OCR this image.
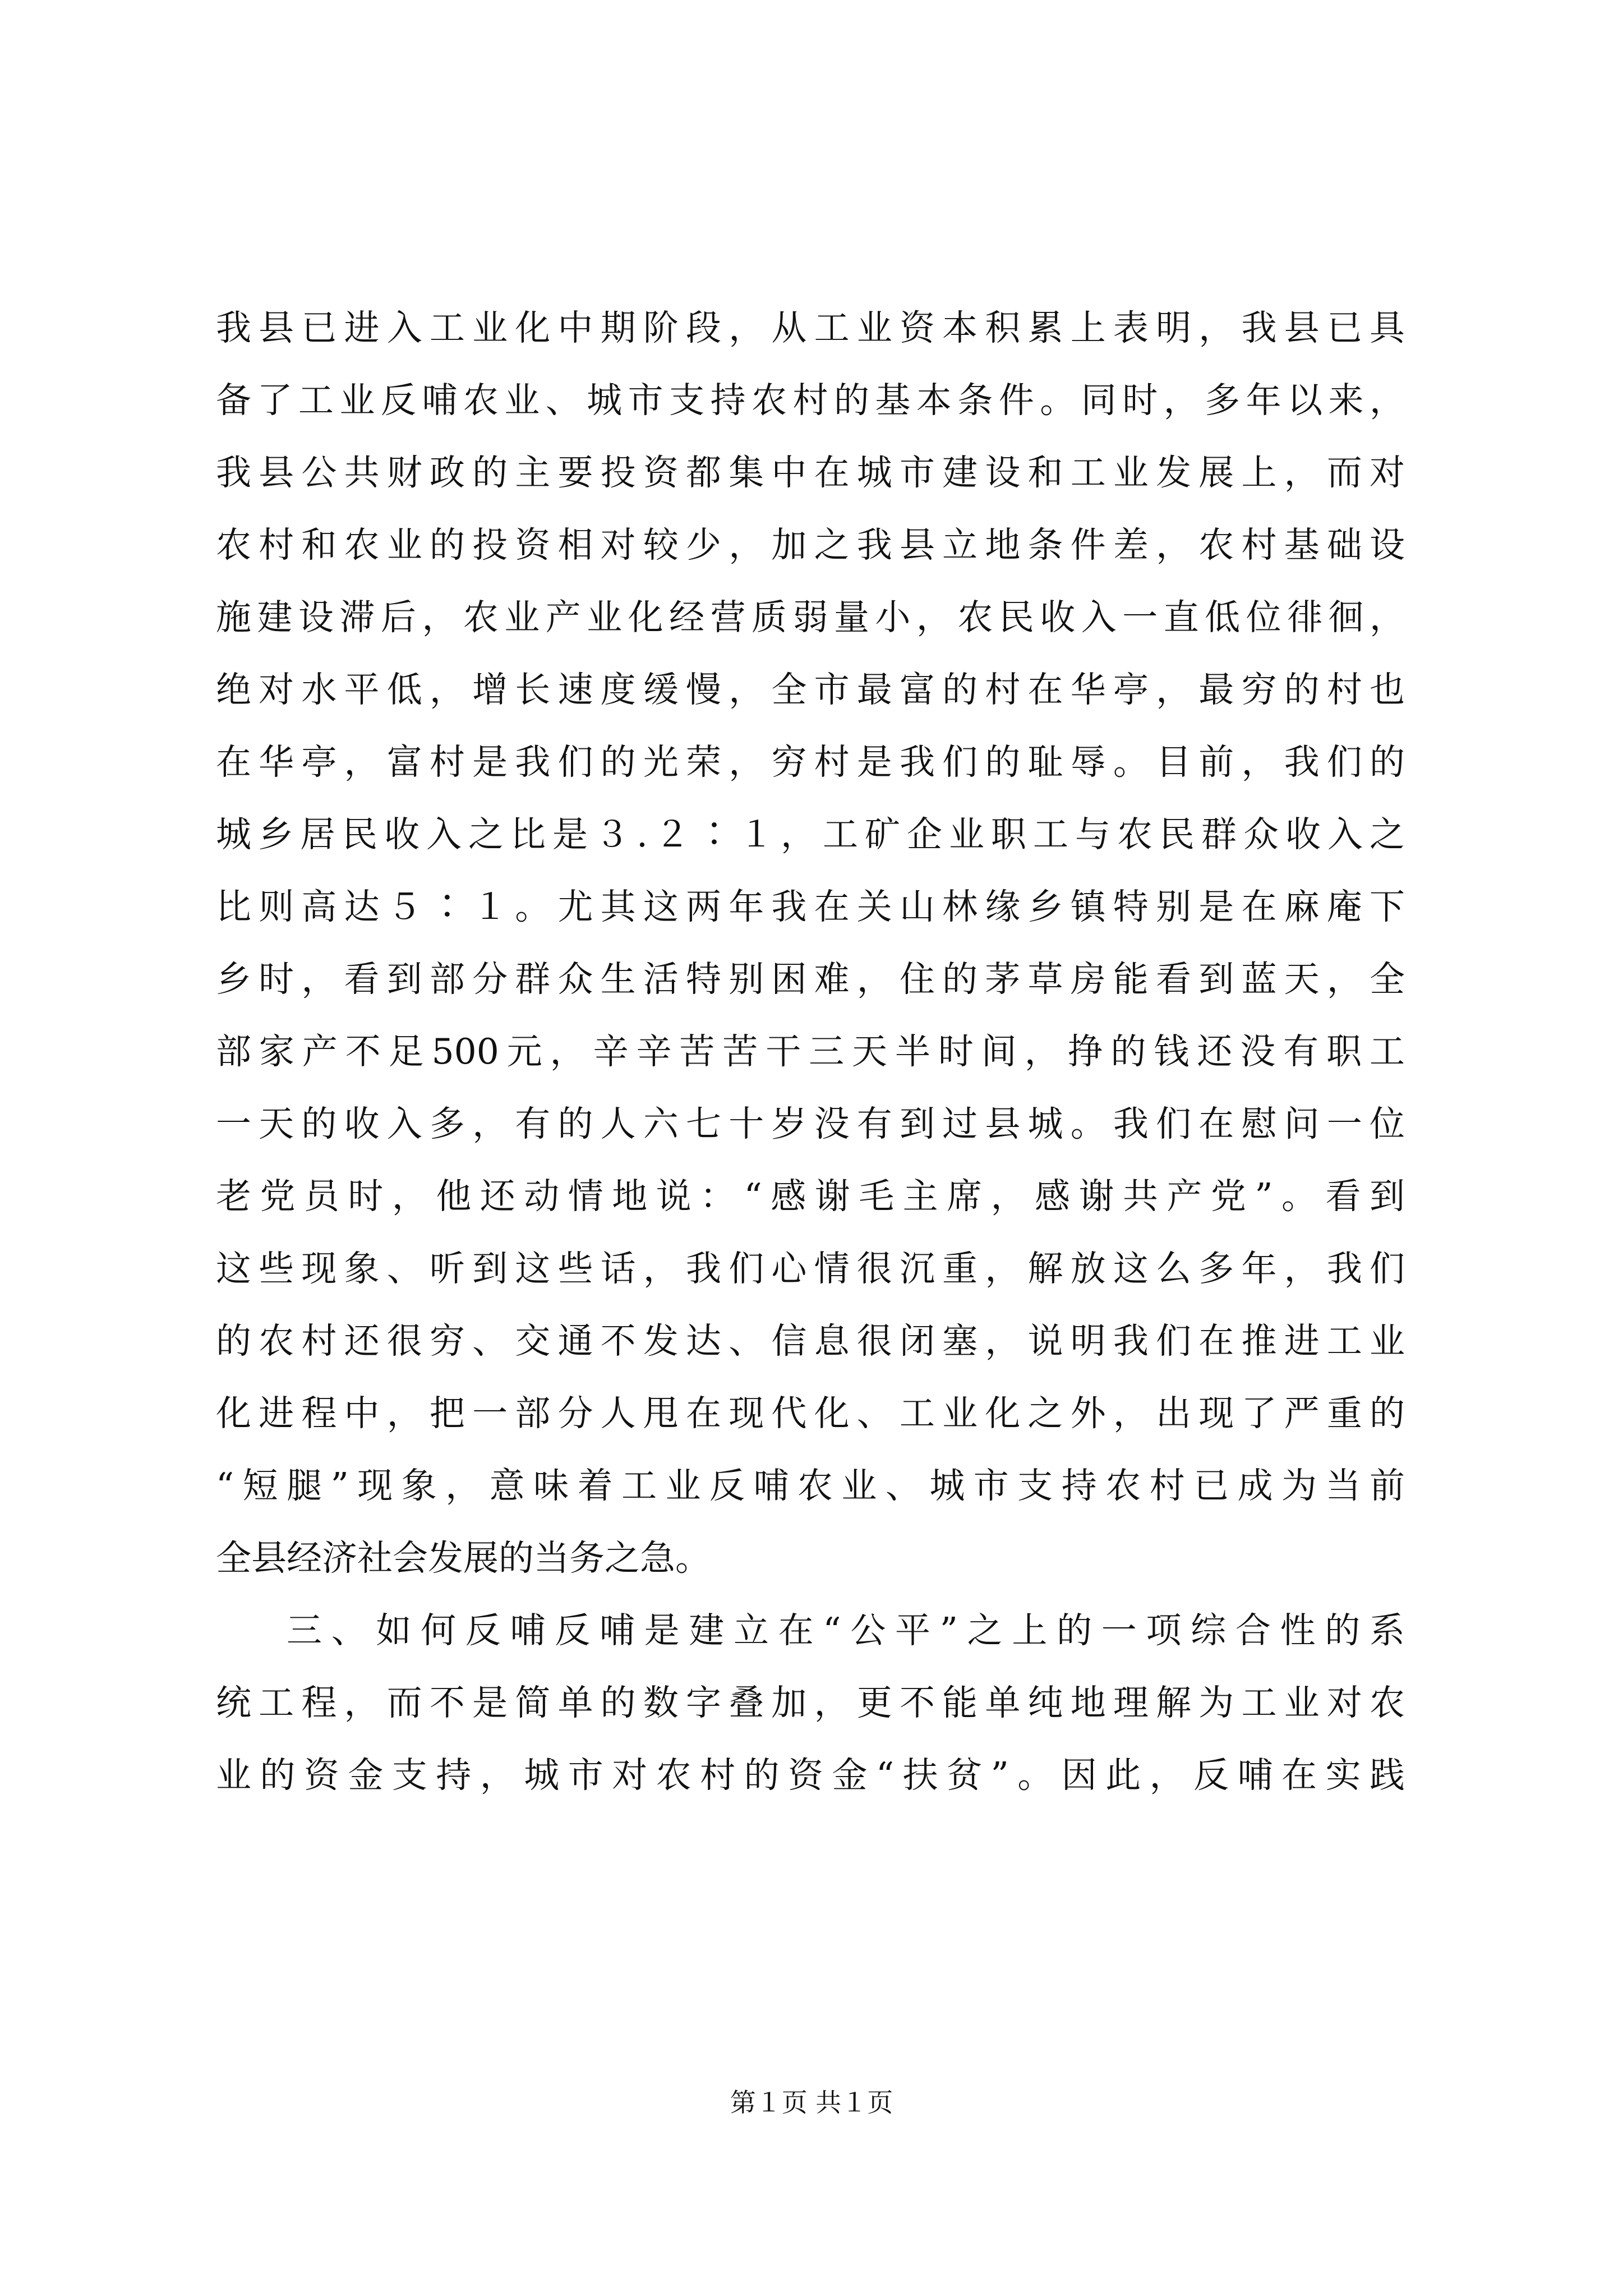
我县已进入工业化中期阶段，从工业资本积累上表明，我县已具
备了工业反哺农业、城市支持农村的基本条件。同时，多年以来，
我县公共财政的主要投资都集中在城市建设和工业发展上，而对
农村和农业的投资相对较少，加之我县立地条件差，农村基础设
施建设滞后，农业产业化经营质弱量小，农民收入一直低位徘徊，
绝对水平低，增长速度缓慢，全市最富的村在华亭，最穷的村也
在华亭，富村是我们的光荣，穷村是我们的耻辱。目前，我们的
城乡居民收入之比是３.２∶１，工矿企业职工与农民群众收入之
比则高达５∶１。尤其这两年我在关山林缘乡镇特别是在麻庵下
乡时，看到部分群众生活特别困难，住的茅草房能看到蓝天，全
部家产不足500元，辛辛苦苦干三天半时间，挣的钱还没有职工
一天的收入多，有的人六七十岁没有到过县城。我们在慰问一位
老党员时，他还动情地说：“感谢毛主席，感谢共产党”。看到
这些现象、听到这些话，我们心情很沉重，解放这么多年，我们
的农村还很穷、交通不发达、信息很闭塞，说明我们在推进工业
化进程中，把一部分人甩在现代化、工业化之外，出现了严重的
“短腿”现象，意味着工业反哺农业、城市支持农村已成为当前
全县经济社会发展的当务之急。
三、如何反哺反哺是建立在“公平”之上的一项综合性的系
统工程，而不是简单的数字叠加，更不能单纯地理解为工业对农
业的资金支持，城市对农村的资金“扶贫”。因此，反哺在实践
第１页 共１页
